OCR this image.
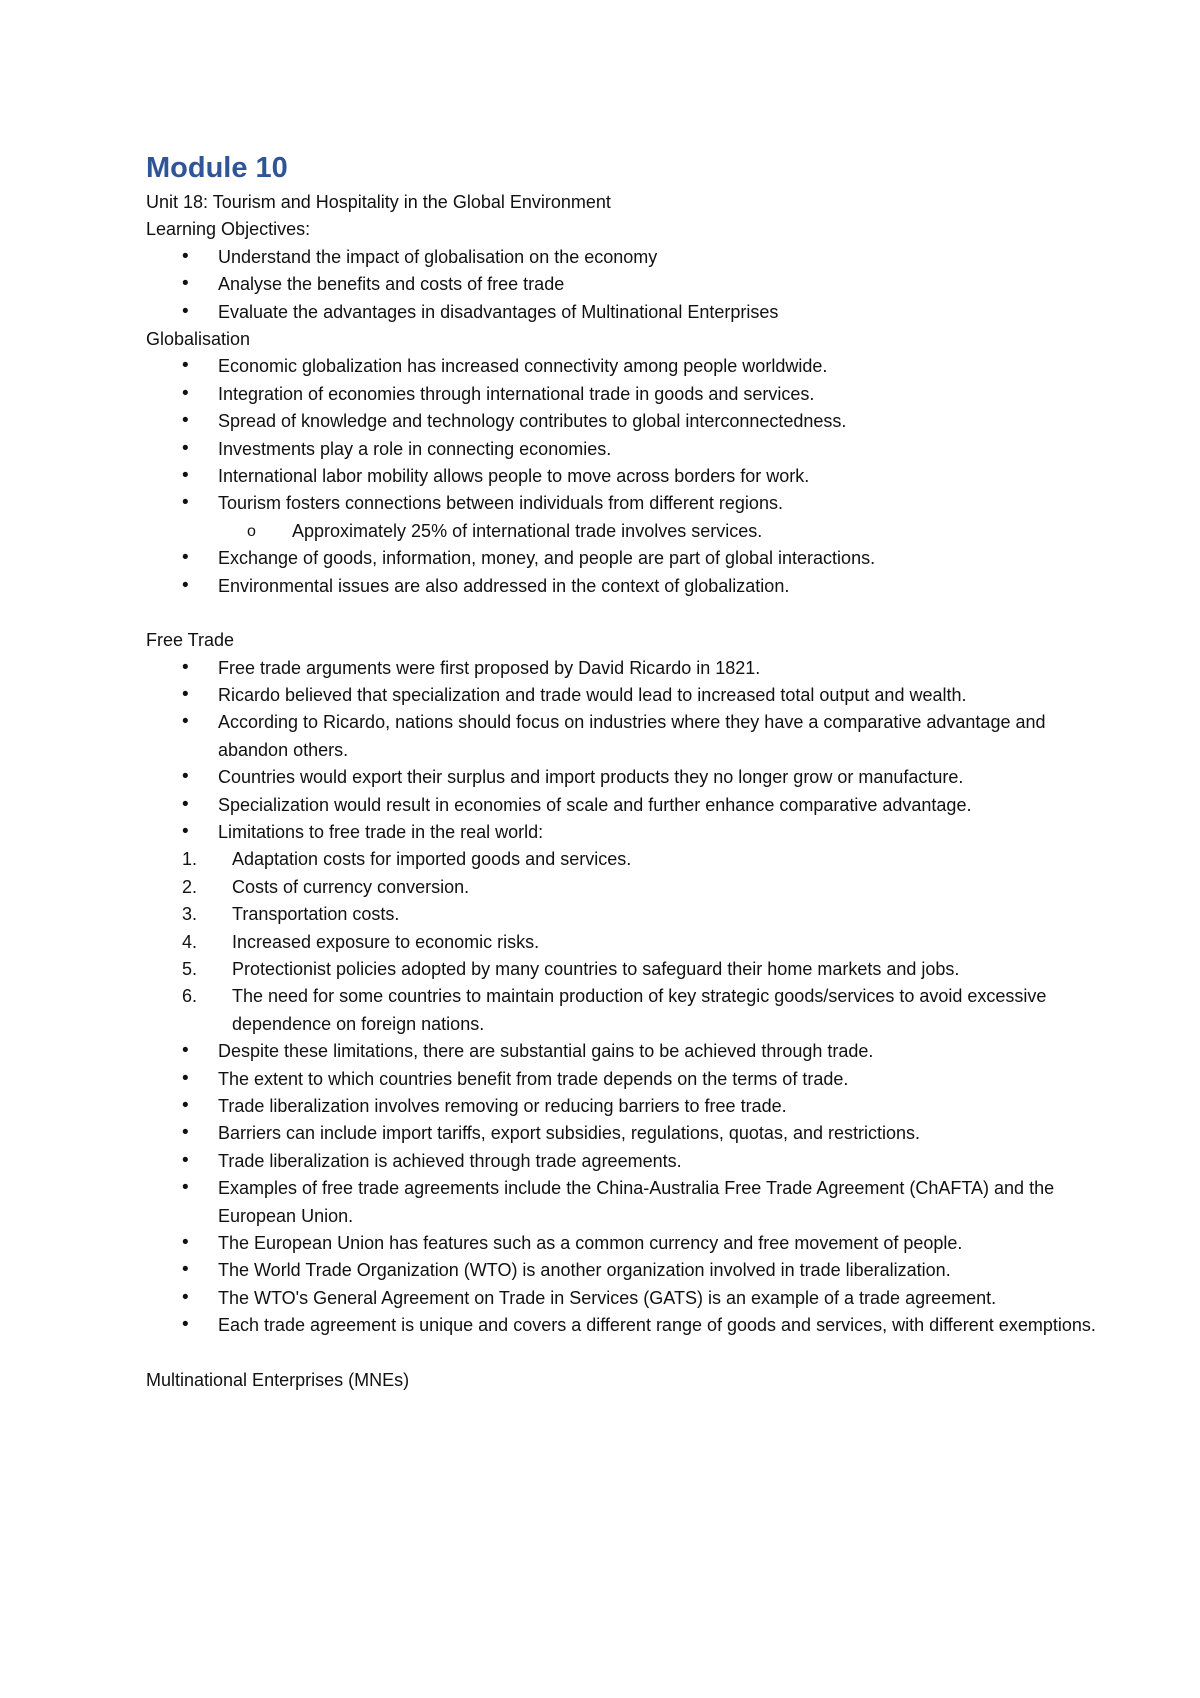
Module 10

Unit 18: Tourism and Hospitality in the Global Environment

Learning Objectives:

• Understand the impact of globalisation on the economy
• Analyse the benefits and costs of free trade
• Evaluate the advantages in disadvantages of Multinational Enterprises

Globalisation

• Economic globalization has increased connectivity among people worldwide.
• Integration of economies through international trade in goods and services.
• Spread of knowledge and technology contributes to global interconnectedness.
• Investments play a role in connecting economies.
• International labor mobility allows people to move across borders for work.
• Tourism fosters connections between individuals from different regions.
o Approximately 25% of international trade involves services.
• Exchange of goods, information, money, and people are part of global interactions.
• Environmental issues are also addressed in the context of globalization.

Free Trade

• Free trade arguments were first proposed by David Ricardo in 1821.
• Ricardo believed that specialization and trade would lead to increased total output and wealth.
• According to Ricardo, nations should focus on industries where they have a comparative advantage and abandon others.
• Countries would export their surplus and import products they no longer grow or manufacture.
• Specialization would result in economies of scale and further enhance comparative advantage.
• Limitations to free trade in the real world:
1. Adaptation costs for imported goods and services.
2. Costs of currency conversion.
3. Transportation costs.
4. Increased exposure to economic risks.
5. Protectionist policies adopted by many countries to safeguard their home markets and jobs.
6. The need for some countries to maintain production of key strategic goods/services to avoid excessive dependence on foreign nations.
• Despite these limitations, there are substantial gains to be achieved through trade.
• The extent to which countries benefit from trade depends on the terms of trade.
• Trade liberalization involves removing or reducing barriers to free trade.
• Barriers can include import tariffs, export subsidies, regulations, quotas, and restrictions.
• Trade liberalization is achieved through trade agreements.
• Examples of free trade agreements include the China-Australia Free Trade Agreement (ChAFTA) and the European Union.
• The European Union has features such as a common currency and free movement of people.
• The World Trade Organization (WTO) is another organization involved in trade liberalization.
• The WTO's General Agreement on Trade in Services (GATS) is an example of a trade agreement.
• Each trade agreement is unique and covers a different range of goods and services, with different exemptions.

Multinational Enterprises (MNEs)
